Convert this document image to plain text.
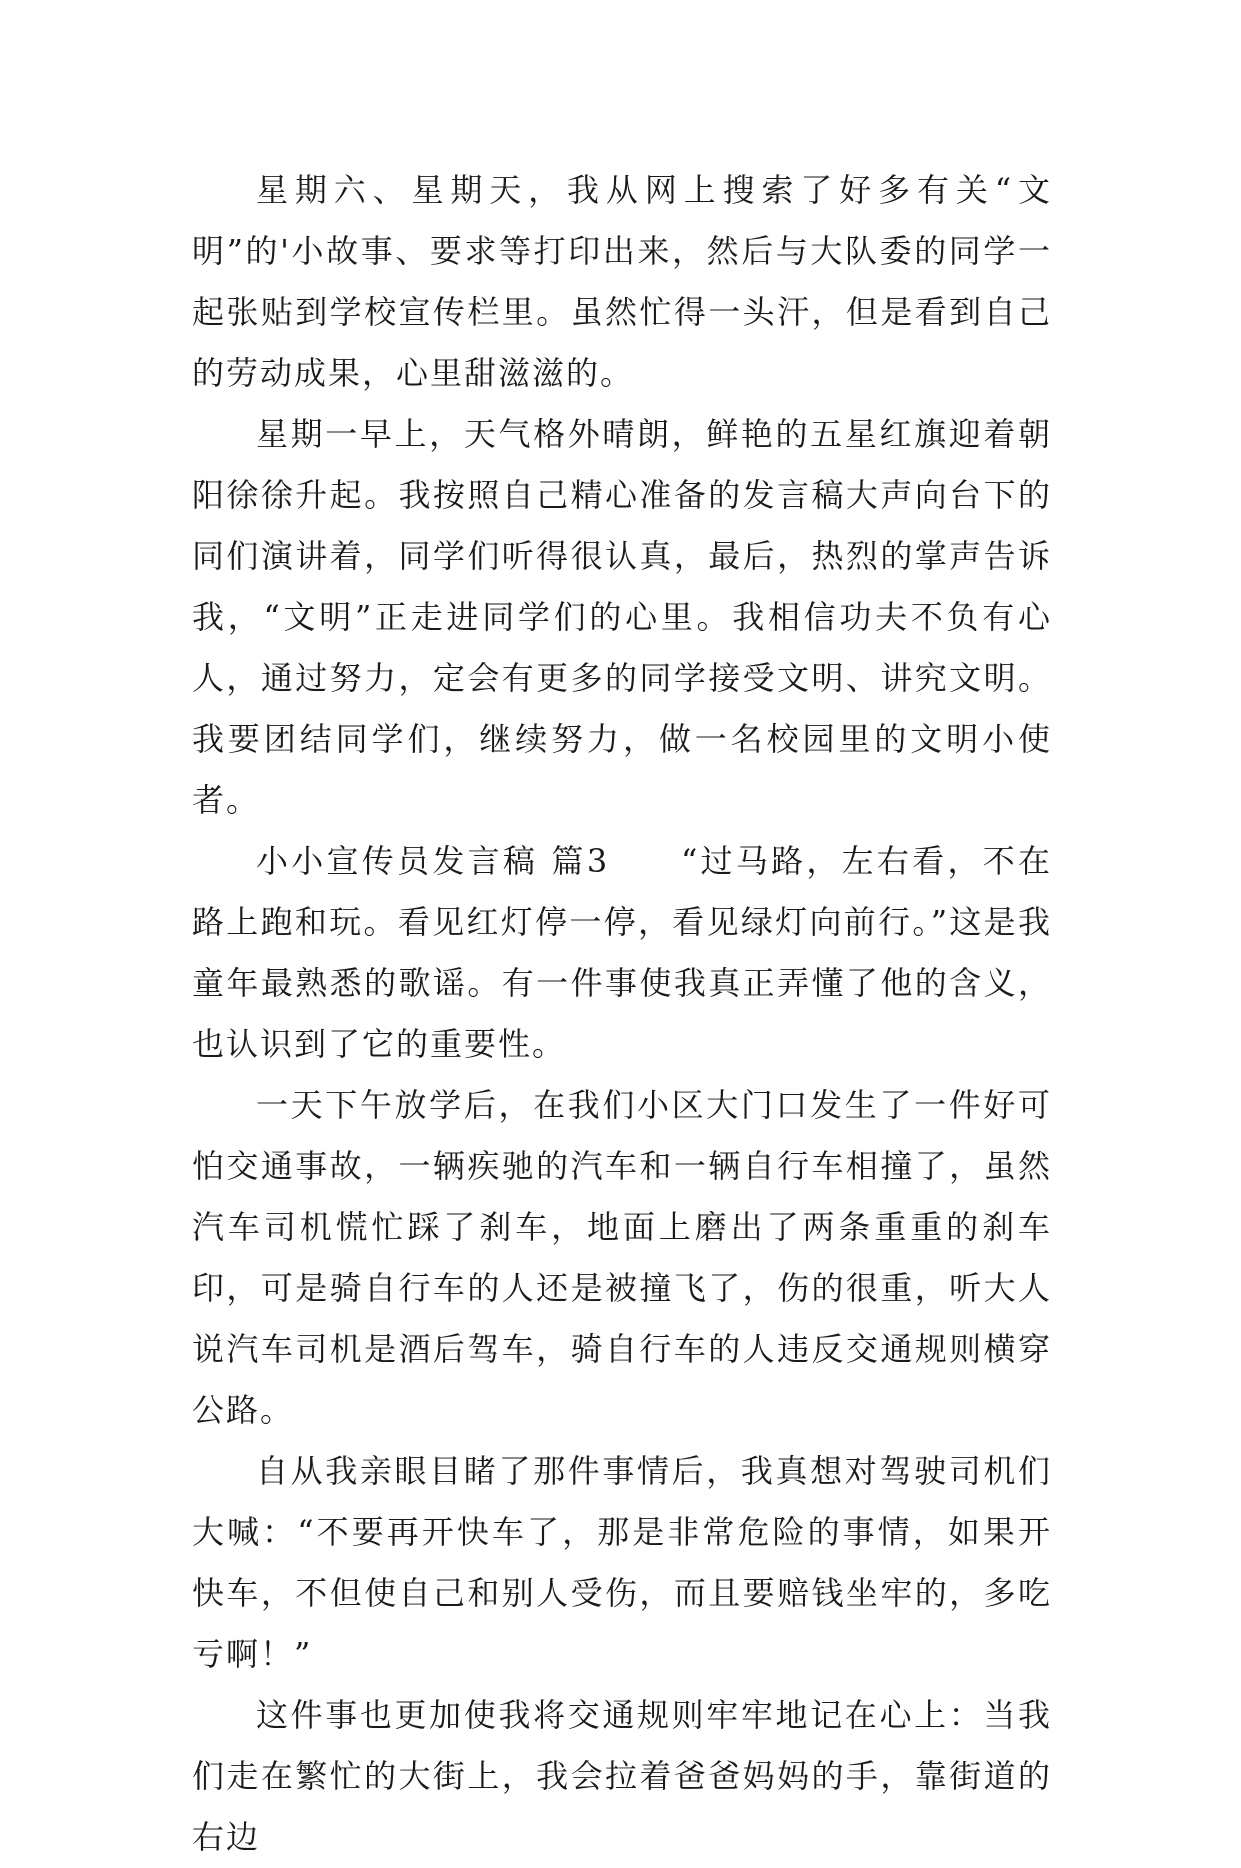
星期六、星期天，我从网上搜索了好多有关“文明”的'小故事、要求等打印出来，然后与大队委的同学一起张贴到学校宣传栏里。虽然忙得一头汗，但是看到自己的劳动成果，心里甜滋滋的。

星期一早上，天气格外晴朗，鲜艳的五星红旗迎着朝阳徐徐升起。我按照自己精心准备的发言稿大声向台下的同们演讲着，同学们听得很认真，最后，热烈的掌声告诉我，“文明”正走进同学们的心里。我相信功夫不负有心人，通过努力，定会有更多的同学接受文明、讲究文明。我要团结同学们，继续努力，做一名校园里的文明小使者。

小小宣传员发言稿 篇3　　“过马路，左右看，不在路上跑和玩。看见红灯停一停，看见绿灯向前行。”这是我童年最熟悉的歌谣。有一件事使我真正弄懂了他的含义，也认识到了它的重要性。

一天下午放学后，在我们小区大门口发生了一件好可怕交通事故，一辆疾驰的汽车和一辆自行车相撞了，虽然汽车司机慌忙踩了刹车，地面上磨出了两条重重的刹车印，可是骑自行车的人还是被撞飞了，伤的很重，听大人说汽车司机是酒后驾车，骑自行车的人违反交通规则横穿公路。

自从我亲眼目睹了那件事情后，我真想对驾驶司机们大喊：“不要再开快车了，那是非常危险的事情，如果开快车，不但使自己和别人受伤，而且要赔钱坐牢的，多吃亏啊！”

这件事也更加使我将交通规则牢牢地记在心上：当我们走在繁忙的大街上，我会拉着爸爸妈妈的手，靠街道的右边
